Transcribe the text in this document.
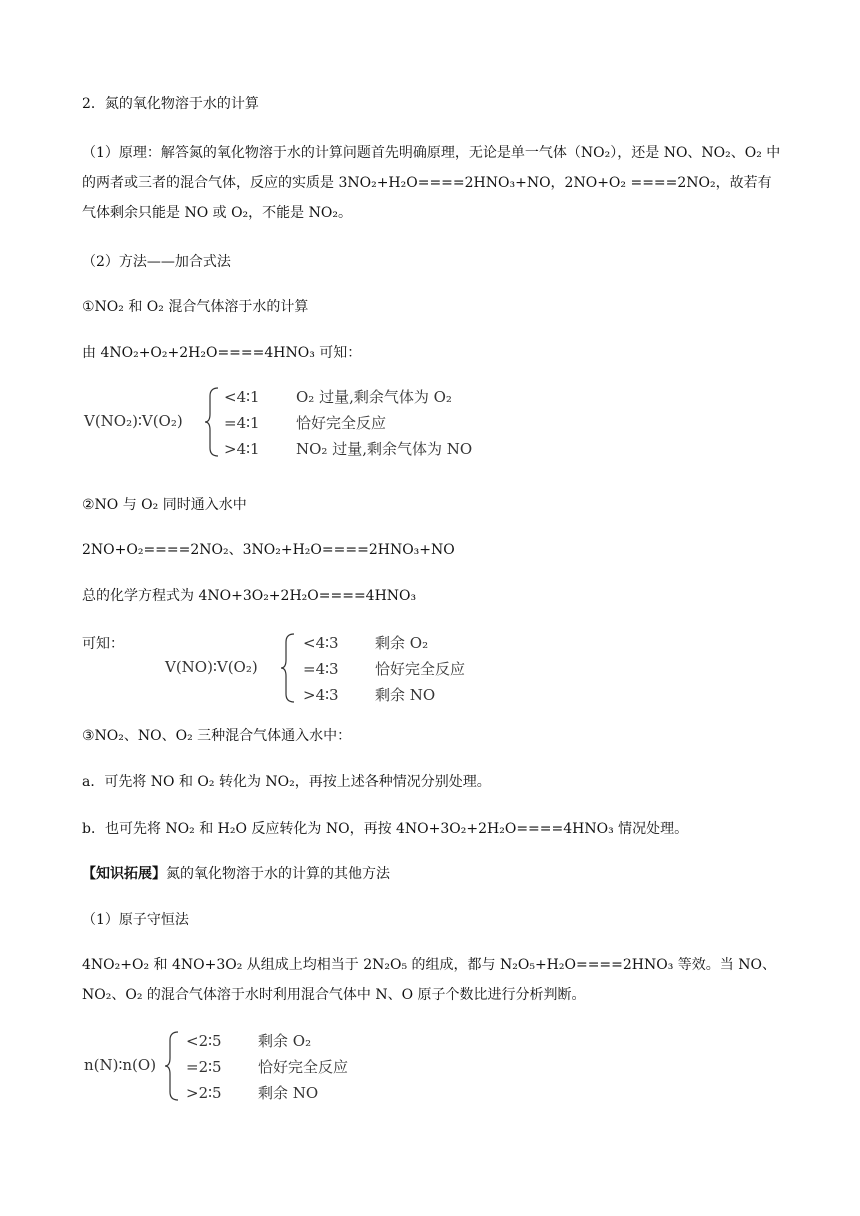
2．氮的氧化物溶于水的计算
（1）原理：解答氮的氧化物溶于水的计算问题首先明确原理，无论是单一气体（NO₂），还是 NO、NO₂、O₂ 中的两者或三者的混合气体，反应的实质是 3NO₂+H₂O====2HNO₃+NO，2NO+O₂ ====2NO₂，故若有气体剩余只能是 NO 或 O₂，不能是 NO₂。
（2）方法——加合式法
①NO₂ 和 O₂ 混合气体溶于水的计算
由 4NO₂+O₂+2H₂O====4HNO₃ 可知：
V(NO₂)∶V(O₂)
<4∶1 O₂ 过量,剩余气体为 O₂
=4∶1 恰好完全反应
>4∶1 NO₂ 过量,剩余气体为 NO
②NO 与 O₂ 同时通入水中
2NO+O₂====2NO₂、3NO₂+H₂O====2HNO₃+NO
总的化学方程式为 4NO+3O₂+2H₂O====4HNO₃
可知：
V(NO)∶V(O₂)
<4∶3 剩余 O₂
=4∶3 恰好完全反应
>4∶3 剩余 NO
③NO₂、NO、O₂ 三种混合气体通入水中：
a．可先将 NO 和 O₂ 转化为 NO₂，再按上述各种情况分别处理。
b．也可先将 NO₂ 和 H₂O 反应转化为 NO，再按 4NO+3O₂+2H₂O====4HNO₃ 情况处理。
【知识拓展】氮的氧化物溶于水的计算的其他方法
（1）原子守恒法
4NO₂+O₂ 和 4NO+3O₂ 从组成上均相当于 2N₂O₅ 的组成，都与 N₂O₅+H₂O====2HNO₃ 等效。当 NO、NO₂、O₂ 的混合气体溶于水时利用混合气体中 N、O 原子个数比进行分析判断。
n(N)∶n(O)
<2∶5 剩余 O₂
=2∶5 恰好完全反应
>2∶5 剩余 NO
